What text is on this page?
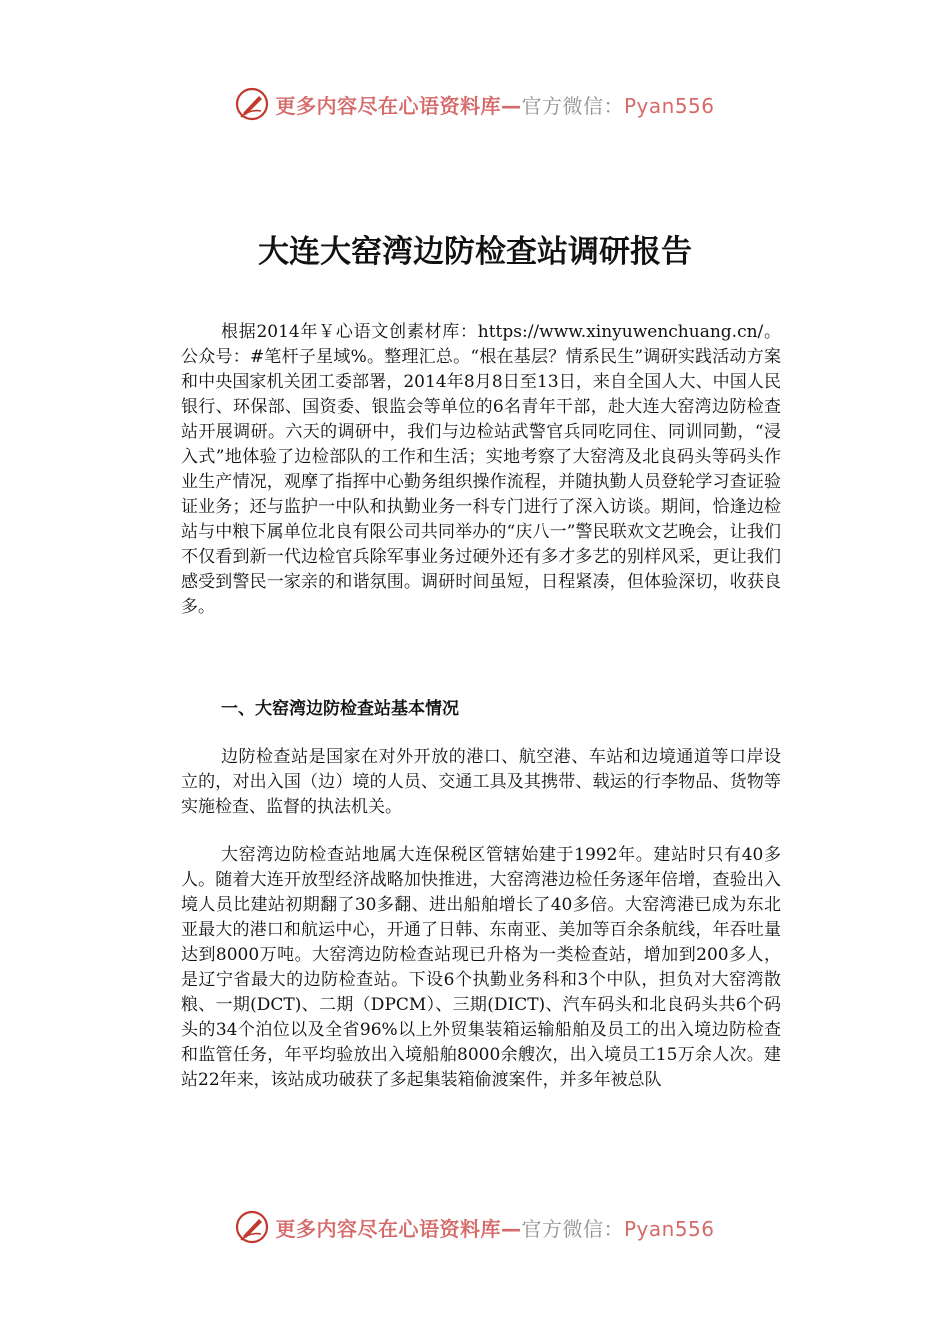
更多内容尽在心语资料库—官方微信：Pyan556
大连大窑湾边防检查站调研报告

根据2014年￥心语文创素材库：https://www.xinyuwenchuang.cn/。公众号：#笔杆子星域%。整理汇总。“根在基层？情系民生”调研实践活动方案和中央国家机关团工委部署，2014年8月8日至13日，来自全国人大、中国人民银行、环保部、国资委、银监会等单位的6名青年干部，赴大连大窑湾边防检查站开展调研。六天的调研中，我们与边检站武警官兵同吃同住、同训同勤，“浸入式”地体验了边检部队的工作和生活；实地考察了大窑湾及北良码头等码头作业生产情况，观摩了指挥中心勤务组织操作流程，并随执勤人员登轮学习查证验证业务；还与监护一中队和执勤业务一科专门进行了深入访谈。期间，恰逢边检站与中粮下属单位北良有限公司共同举办的“庆八一”警民联欢文艺晚会，让我们不仅看到新一代边检官兵除军事业务过硬外还有多才多艺的别样风采，更让我们感受到警民一家亲的和谐氛围。调研时间虽短，日程紧凑，但体验深切，收获良多。

一、大窑湾边防检查站基本情况

边防检查站是国家在对外开放的港口、航空港、车站和边境通道等口岸设立的，对出入国（边）境的人员、交通工具及其携带、载运的行李物品、货物等实施检查、监督的执法机关。

大窑湾边防检查站地属大连保税区管辖始建于1992年。建站时只有40多人。随着大连开放型经济战略加快推进，大窑湾港边检任务逐年倍增，查验出入境人员比建站初期翻了30多翻、进出船舶增长了40多倍。大窑湾港已成为东北亚最大的港口和航运中心，开通了日韩、东南亚、美加等百余条航线，年吞吐量达到8000万吨。大窑湾边防检查站现已升格为一类检查站，增加到200多人，是辽宁省最大的边防检查站。下设6个执勤业务科和3个中队，担负对大窑湾散粮、一期(DCT)、二期（DPCM）、三期(DICT)、汽车码头和北良码头共6个码头的34个泊位以及全省96%以上外贸集装箱运输船舶及员工的出入境边防检查和监管任务，年平均验放出入境船舶8000余艘次，出入境员工15万余人次。建站22年来，该站成功破获了多起集装箱偷渡案件，并多年被总队

更多内容尽在心语资料库—官方微信：Pyan556
